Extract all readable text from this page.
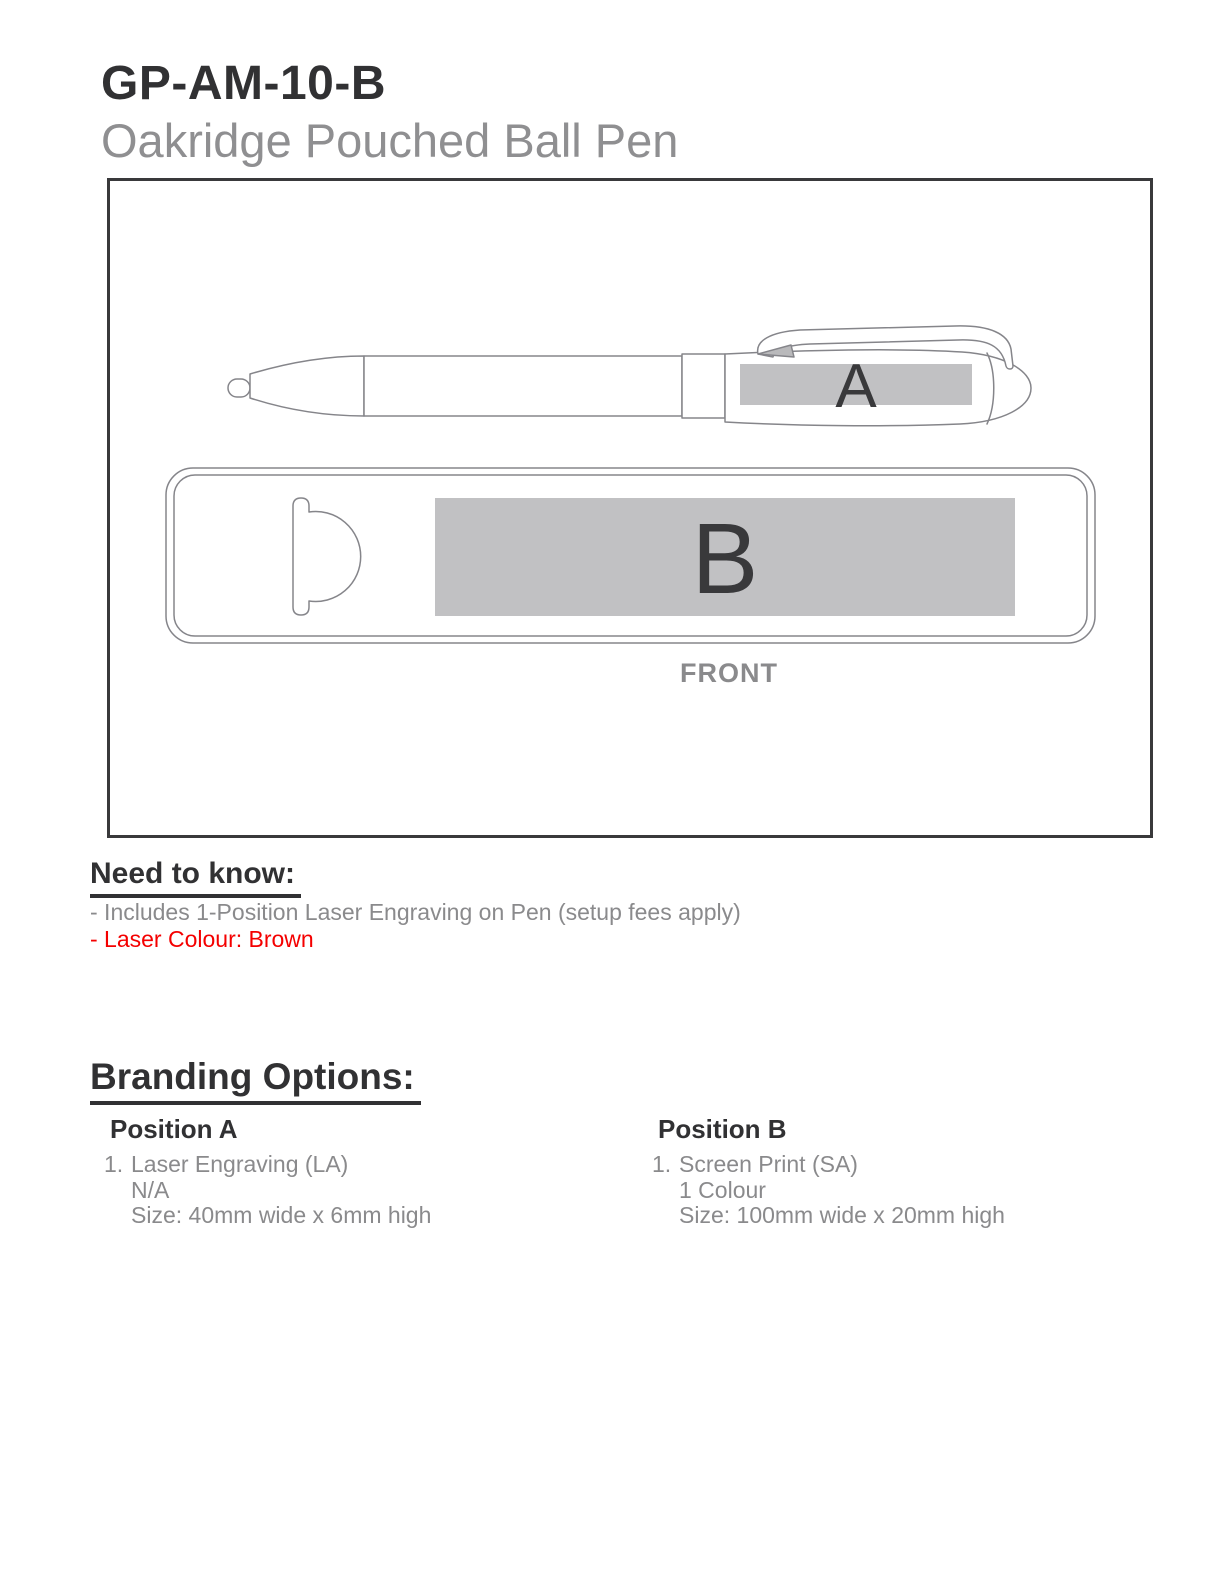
GP-AM-10-B
Oakridge Pouched Ball Pen
A
B
FRONT
Need to know:

- Includes 1-Position Laser Engraving on Pen (setup fees apply)

- Laser Colour: Brown

Branding Options:
Position A
1. Laser Engraving (LA)
N/A
Size: 40mm wide x 6mm high
Position B
1. Screen Print (SA)
1 Colour
Size: 100mm wide x 20mm high
